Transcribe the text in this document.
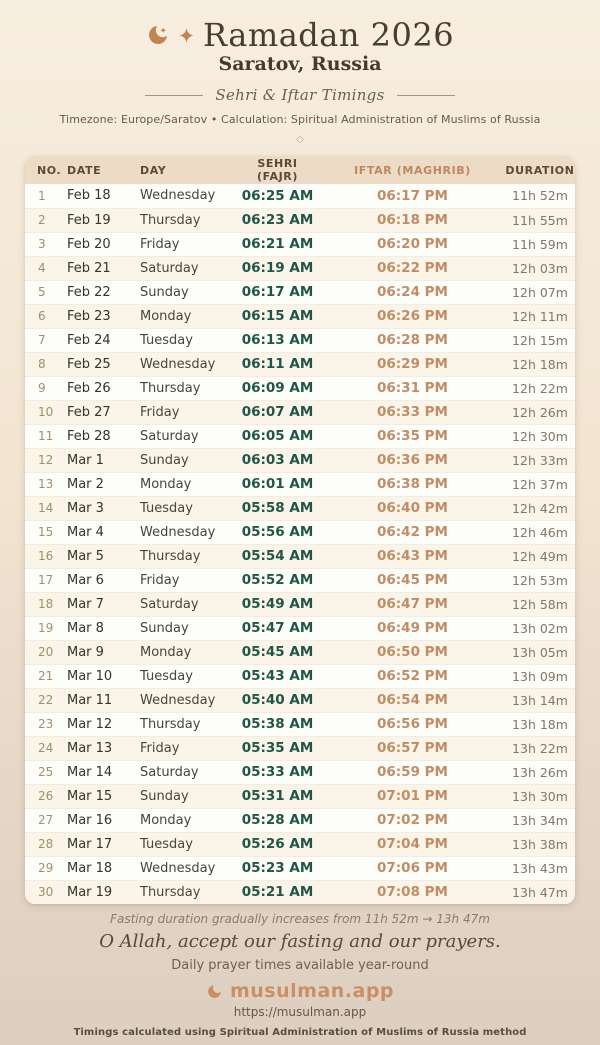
Ramadan 2026
Saratov, Russia
Sehri & Iftar Timings
Timezone: Europe/Saratov • Calculation: Spiritual Administration of Muslims of Russia
◇
NO.	DATE	DAY	SEHRI (FAJR)	IFTAR (MAGHRIB)	DURATION
1	Feb 18	Wednesday	06:25 AM	06:17 PM	11h 52m
2	Feb 19	Thursday	06:23 AM	06:18 PM	11h 55m
3	Feb 20	Friday	06:21 AM	06:20 PM	11h 59m
4	Feb 21	Saturday	06:19 AM	06:22 PM	12h 03m
5	Feb 22	Sunday	06:17 AM	06:24 PM	12h 07m
6	Feb 23	Monday	06:15 AM	06:26 PM	12h 11m
7	Feb 24	Tuesday	06:13 AM	06:28 PM	12h 15m
8	Feb 25	Wednesday	06:11 AM	06:29 PM	12h 18m
9	Feb 26	Thursday	06:09 AM	06:31 PM	12h 22m
10	Feb 27	Friday	06:07 AM	06:33 PM	12h 26m
11	Feb 28	Saturday	06:05 AM	06:35 PM	12h 30m
12	Mar 1	Sunday	06:03 AM	06:36 PM	12h 33m
13	Mar 2	Monday	06:01 AM	06:38 PM	12h 37m
14	Mar 3	Tuesday	05:58 AM	06:40 PM	12h 42m
15	Mar 4	Wednesday	05:56 AM	06:42 PM	12h 46m
16	Mar 5	Thursday	05:54 AM	06:43 PM	12h 49m
17	Mar 6	Friday	05:52 AM	06:45 PM	12h 53m
18	Mar 7	Saturday	05:49 AM	06:47 PM	12h 58m
19	Mar 8	Sunday	05:47 AM	06:49 PM	13h 02m
20	Mar 9	Monday	05:45 AM	06:50 PM	13h 05m
21	Mar 10	Tuesday	05:43 AM	06:52 PM	13h 09m
22	Mar 11	Wednesday	05:40 AM	06:54 PM	13h 14m
23	Mar 12	Thursday	05:38 AM	06:56 PM	13h 18m
24	Mar 13	Friday	05:35 AM	06:57 PM	13h 22m
25	Mar 14	Saturday	05:33 AM	06:59 PM	13h 26m
26	Mar 15	Sunday	05:31 AM	07:01 PM	13h 30m
27	Mar 16	Monday	05:28 AM	07:02 PM	13h 34m
28	Mar 17	Tuesday	05:26 AM	07:04 PM	13h 38m
29	Mar 18	Wednesday	05:23 AM	07:06 PM	13h 43m
30	Mar 19	Thursday	05:21 AM	07:08 PM	13h 47m
Fasting duration gradually increases from 11h 52m → 13h 47m
O Allah, accept our fasting and our prayers.
Daily prayer times available year-round
musulman.app
https://musulman.app
Timings calculated using Spiritual Administration of Muslims of Russia method
